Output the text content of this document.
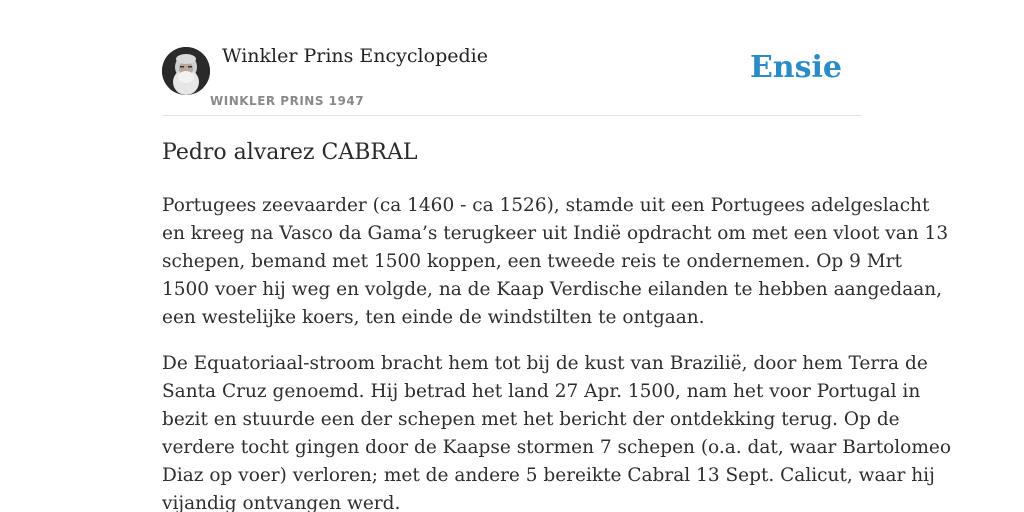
Winkler Prins Encyclopedie
WINKLER PRINS 1947
Ensie
Pedro alvarez CABRAL

Portugees zeevaarder (ca 1460 - ca 1526), stamde uit een Portugees adelgeslacht
en kreeg na Vasco da Gama’s terugkeer uit Indië opdracht om met een vloot van 13
schepen, bemand met 1500 koppen, een tweede reis te ondernemen. Op 9 Mrt
1500 voer hij weg en volgde, na de Kaap Verdische eilanden te hebben aangedaan,
een westelijke koers, ten einde de windstilten te ontgaan.

De Equatoriaal-stroom bracht hem tot bij de kust van Brazilië, door hem Terra de
Santa Cruz genoemd. Hij betrad het land 27 Apr. 1500, nam het voor Portugal in
bezit en stuurde een der schepen met het bericht der ontdekking terug. Op de
verdere tocht gingen door de Kaapse stormen 7 schepen (o.a. dat, waar Bartolomeo
Diaz op voer) verloren; met de andere 5 bereikte Cabral 13 Sept. Calicut, waar hij
vijandig ontvangen werd.
